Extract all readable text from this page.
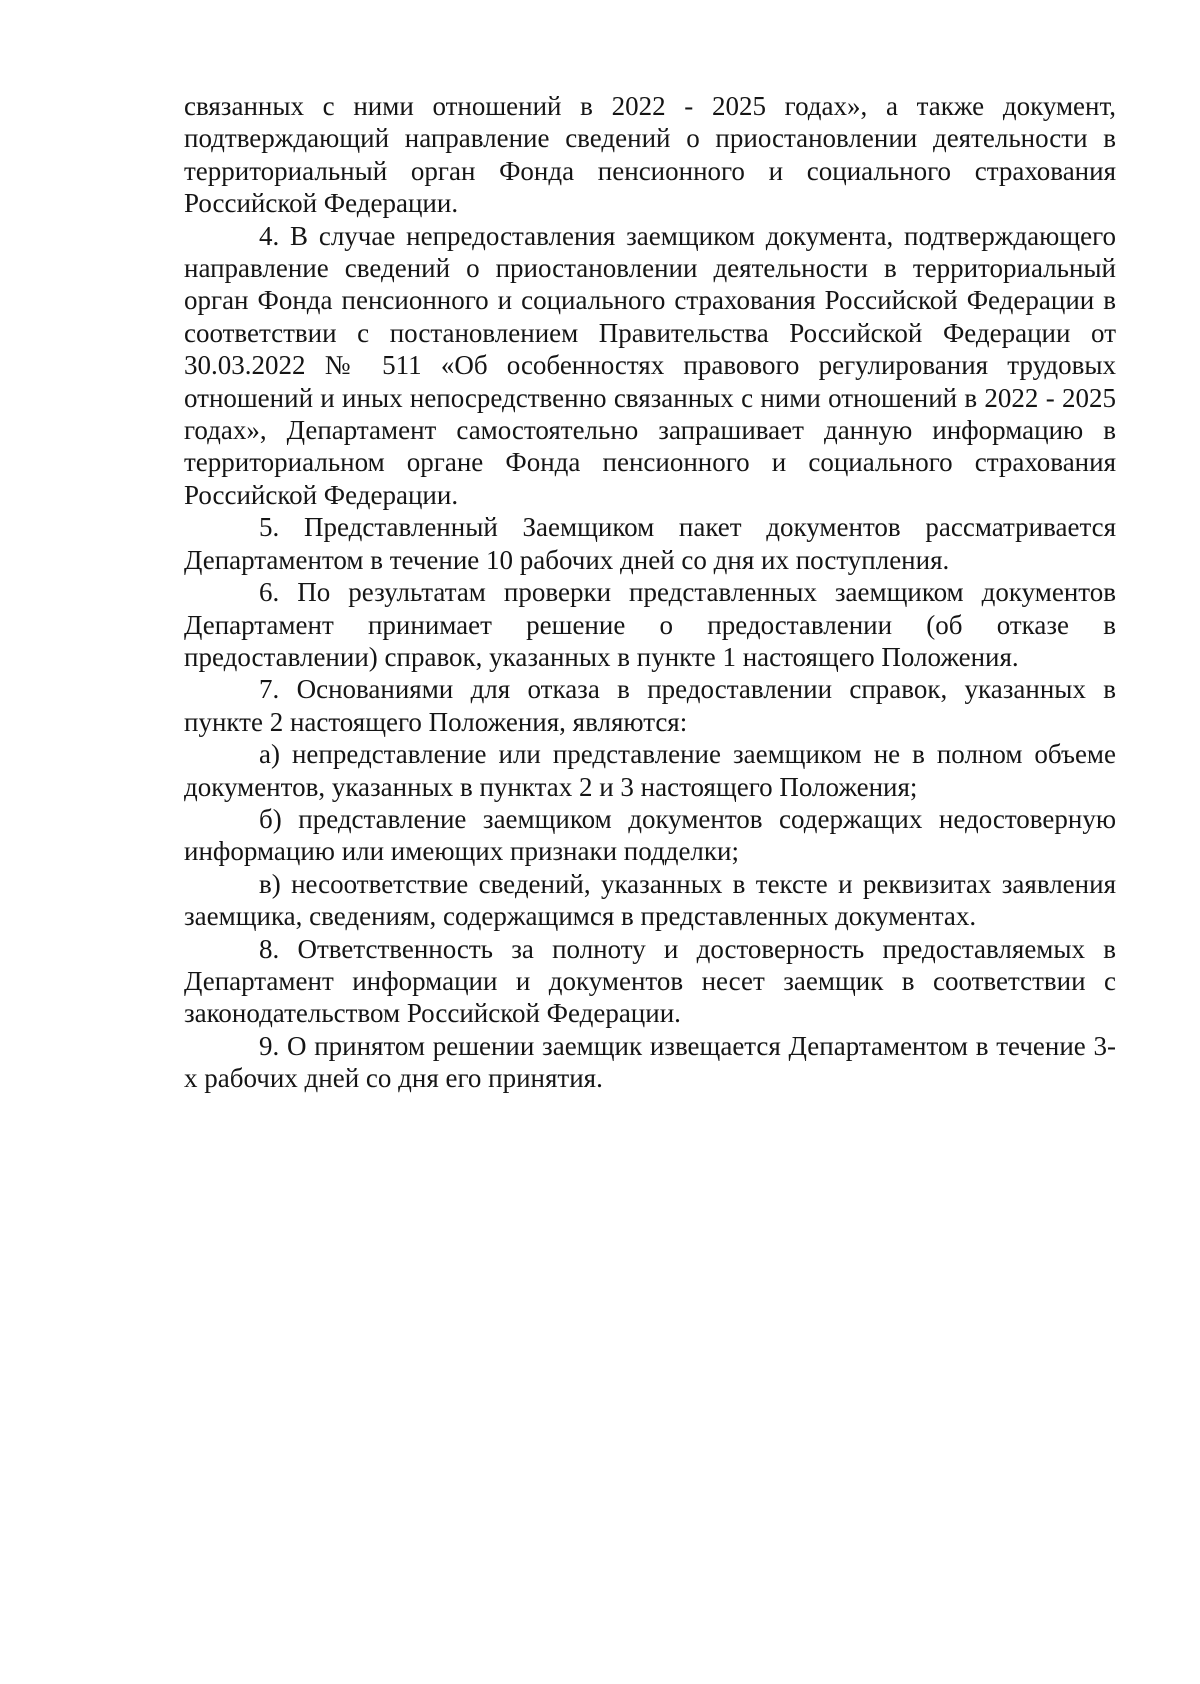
связанных с ними отношений в 2022 - 2025 годах», а также документ, подтверждающий направление сведений о приостановлении деятельности в территориальный орган Фонда пенсионного и социального страхования Российской Федерации.

4. В случае непредоставления заемщиком документа, подтверждающего направление сведений о приостановлении деятельности в территориальный орган Фонда пенсионного и социального страхования Российской Федерации в соответствии с постановлением Правительства Российской Федерации от 30.03.2022 № 511 «Об особенностях правового регулирования трудовых отношений и иных непосредственно связанных с ними отношений в 2022 - 2025 годах», Департамент самостоятельно запрашивает данную информацию в территориальном органе Фонда пенсионного и социального страхования Российской Федерации.

5. Представленный Заемщиком пакет документов рассматривается Департаментом в течение 10 рабочих дней со дня их поступления.

6. По результатам проверки представленных заемщиком документов Департамент принимает решение о предоставлении (об отказе в предоставлении) справок, указанных в пункте 1 настоящего Положения.

7. Основаниями для отказа в предоставлении справок, указанных в пункте 2 настоящего Положения, являются:

а) непредставление или представление заемщиком не в полном объеме документов, указанных в пунктах 2 и 3 настоящего Положения;

б) представление заемщиком документов содержащих недостоверную информацию или имеющих признаки подделки;

в) несоответствие сведений, указанных в тексте и реквизитах заявления заемщика, сведениям, содержащимся в представленных документах.

8. Ответственность за полноту и достоверность предоставляемых в Департамент информации и документов несет заемщик в соответствии с законодательством Российской Федерации.

9. О принятом решении заемщик извещается Департаментом в течение 3-х рабочих дней со дня его принятия.
